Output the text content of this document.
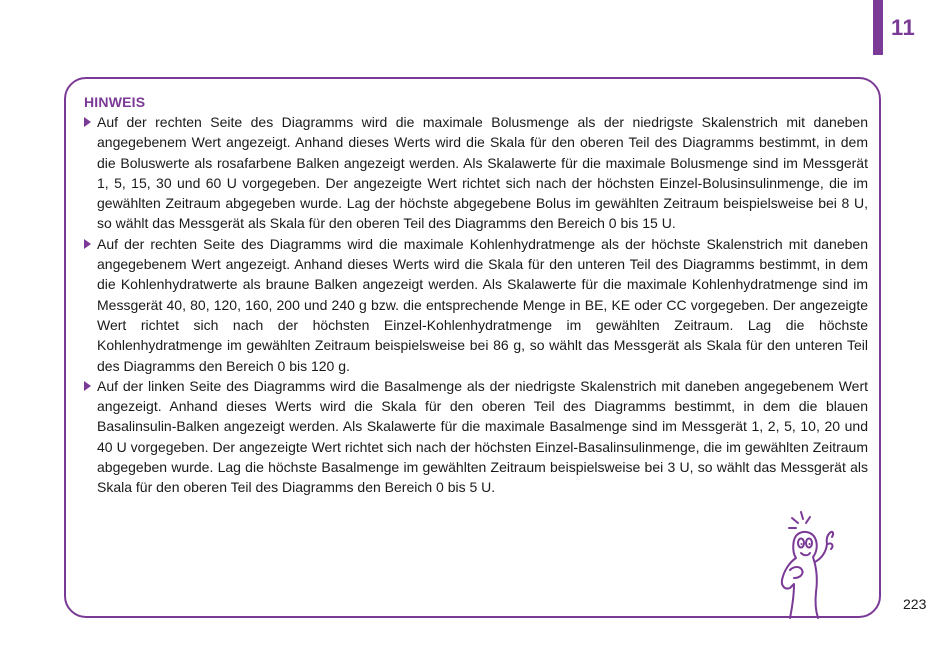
11
HINWEIS
Auf der rechten Seite des Diagramms wird die maximale Bolusmenge als der niedrigste Skalenstrich mit daneben angegebenem Wert angezeigt. Anhand dieses Werts wird die Skala für den oberen Teil des Diagramms bestimmt, in dem die Boluswerte als rosafarbene Balken angezeigt werden. Als Skalawerte für die maximale Bolusmenge sind im Messgerät 1, 5, 15, 30 und 60 U vorgegeben. Der angezeigte Wert richtet sich nach der höchsten Einzel-Bolusinsulinmenge, die im gewählten Zeitraum abgegeben wurde. Lag der höchste abgegebene Bolus im gewählten Zeitraum beispielsweise bei 8 U, so wählt das Messgerät als Skala für den oberen Teil des Diagramms den Bereich 0 bis 15 U.
Auf der rechten Seite des Diagramms wird die maximale Kohlenhydratmenge als der höchste Skalenstrich mit daneben angegebenem Wert angezeigt. Anhand dieses Werts wird die Skala für den unteren Teil des Diagramms bestimmt, in dem die Kohlenhydratwerte als braune Balken angezeigt werden. Als Skalawerte für die maximale Kohlenhydratmenge sind im Messgerät 40, 80, 120, 160, 200 und 240 g bzw. die entsprechende Menge in BE, KE oder CC vorgegeben. Der angezeigte Wert richtet sich nach der höchsten Einzel-Kohlenhydratmenge im gewählten Zeitraum. Lag die höchste Kohlenhydratmenge im gewählten Zeitraum beispielsweise bei 86 g, so wählt das Messgerät als Skala für den unteren Teil des Diagramms den Bereich 0 bis 120 g.
Auf der linken Seite des Diagramms wird die Basalmenge als der niedrigste Skalenstrich mit daneben angegebenem Wert angezeigt. Anhand dieses Werts wird die Skala für den oberen Teil des Diagramms bestimmt, in dem die blauen Basalinsulin-Balken angezeigt werden. Als Skalawerte für die maximale Basalmenge sind im Messgerät 1, 2, 5, 10, 20 und 40 U vorgegeben. Der angezeigte Wert richtet sich nach der höchsten Einzel-Basalinsulinmenge, die im gewählten Zeitraum abgegeben wurde. Lag die höchste Basalmenge im gewählten Zeitraum beispielsweise bei 3 U, so wählt das Messgerät als Skala für den oberen Teil des Diagramms den Bereich 0 bis 5 U.
223
